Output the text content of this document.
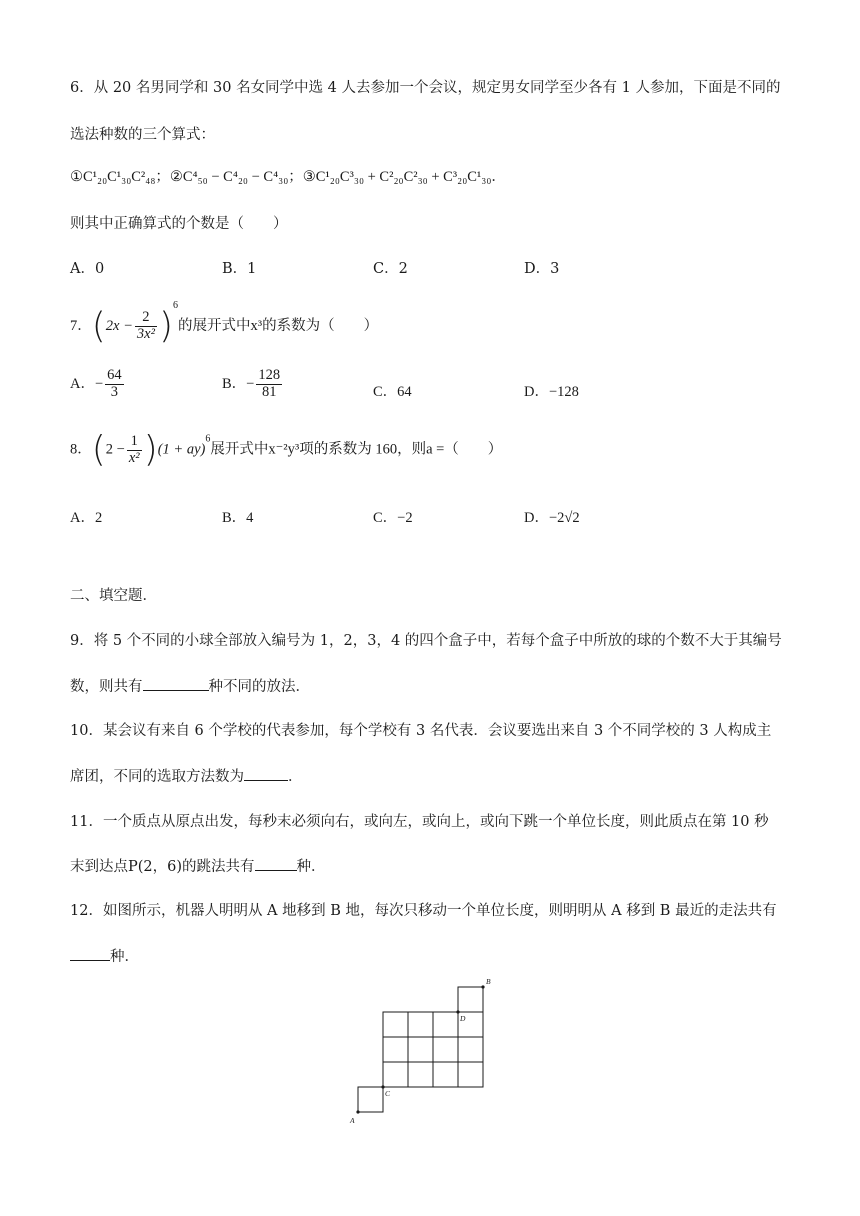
6．从 20 名男同学和 30 名女同学中选 4 人去参加一个会议，规定男女同学至少各有 1 人参加，下面是不同的
选法种数的三个算式：
①C¹₂₀C¹₃₀C²₄₈；②C⁴₅₀ − C⁴₂₀ − C⁴₃₀；③C¹₂₀C³₃₀ + C²₂₀C²₃₀ + C³₂₀C¹₃₀．
则其中正确算式的个数是（　　）
A．0	B．1	C．2	D．3
7．$(2x - \frac{2}{\text{3x²}} )^6$的展开式中x³的系数为（　　）
A．− $\frac{64}{3}$	B．− $\frac{128}{81}$	C．64	D．−128
8．$(2 - \frac{1}{\text{x²}} )(1 + ay)^6$展开式中x⁻²y³项的系数为 160，则a =（　　）
A．2	B．4	C．−2	D．−2√2
二、填空题．
9．将 5 个不同的小球全部放入编号为 1，2，3，4 的四个盒子中，若每个盒子中所放的球的个数不大于其编号
数，则共有	种不同的放法．
10．某会议有来自 6 个学校的代表参加，每个学校有 3 名代表．会议要选出来自 3 个不同学校的 3 人构成主
席团，不同的选取方法数为	．
11．一个质点从原点出发，每秒末必须向右，或向左，或向上，或向下跳一个单位长度，则此质点在第 10 秒
末到达点P(2，6)的跳法共有	种．
12．如图所示，机器人明明从 A 地移到 B 地，每次只移动一个单位长度，则明明从 A 移到 B 最近的走法共有
种．
A
C
D
B
